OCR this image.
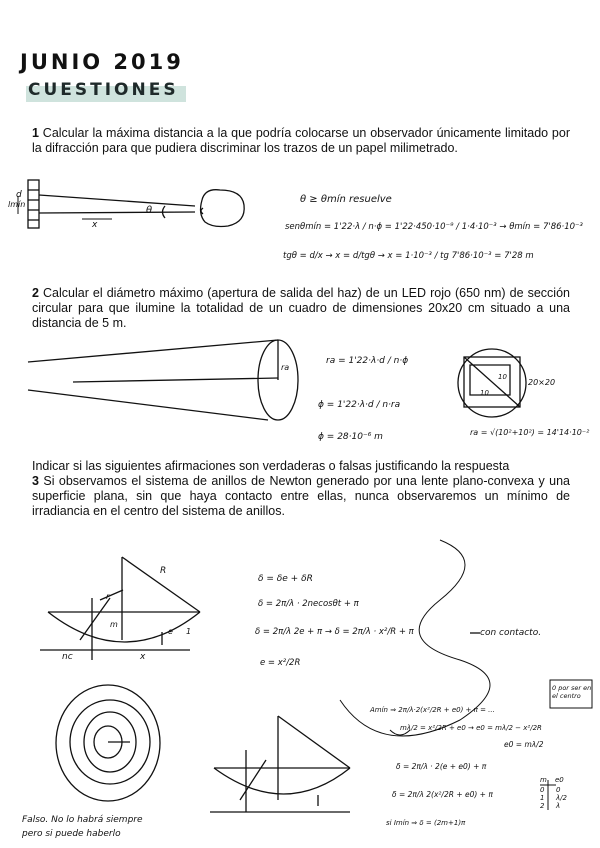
JUNIO 2019
CUESTIONES
1 Calcular la máxima distancia a la que podría colocarse un observador únicamente limitado por la difracción para que pudiera discriminar los trazos de un papel milimetrado.
2 Calcular el diámetro máximo (apertura de salida del haz) de un LED rojo (650 nm) de sección circular para que ilumine la totalidad de un cuadro de dimensiones 20x20 cm situado a una distancia de 5 m.
Indicar si las siguientes afirmaciones son verdaderas o falsas justificando la respuesta
3 Si observamos el sistema de anillos de Newton generado por una lente plano-convexa y una superficie plana, sin que haya contacto entre ellas, nunca observaremos un mínimo de irradiancia en el centro del sistema de anillos.
d
lmín
x
θ
θ ≥ θmín resuelve
senθmín = 1'22·λ / n·ϕ = 1'22·450·10⁻⁹ / 1·4·10⁻³ → θmín = 7'86·10⁻³
tgθ = d/x → x = d/tgθ → x = 1·10⁻³ / tg 7'86·10⁻³ = 7'28 m
ra
ra = 1'22·λ·d / n·ϕ
ϕ = 1'22·λ·d / n·ra
ϕ = 28·10⁻⁶ m
10
10
20×20
ra = √(10²+10²) = 14'14·10⁻²
R
r
m
e 1
nc	x
δ = δe + δR
δ = 2π/λ · 2necosθt + π
δ = 2π/λ 2e + π → δ = 2π/λ · x²/R + π	con contacto.
e = x²/2R
Amín ⇒ 2π/λ·2(x²/2R + e0) + π = ...
mλ/2 = x²/2R + e0 → e0 = mλ/2 − x²/2R
e0 = mλ/2
0 por ser en el centro
δ = 2π/λ · 2(e + e0) + π
δ = 2π/λ 2(x²/2R + e0) + π
si Imín ⇒ δ = (2m+1)π
m e0
0 0
1 λ/2
2 λ
Falso. No lo habrá siempre
pero si puede haberlo
